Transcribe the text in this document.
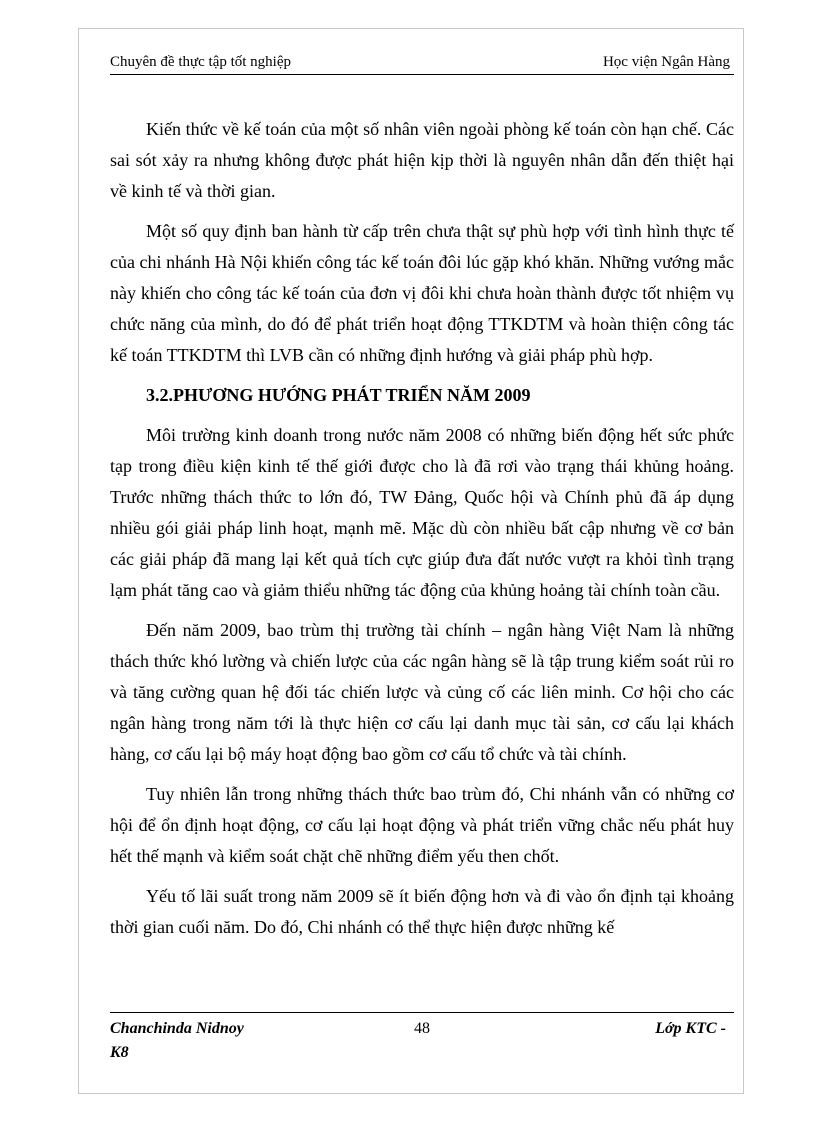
Chuyên đề thực tập tốt nghiệp	Học viện Ngân Hàng

Kiến thức về kế toán của một số nhân viên ngoài phòng kế toán còn hạn chế. Các sai sót xảy ra nhưng không được phát hiện kịp thời là nguyên nhân dẫn đến thiệt hại về kinh tế và thời gian.

Một số quy định ban hành từ cấp trên chưa thật sự phù hợp với tình hình thực tế của chi nhánh Hà Nội khiến công tác kế toán đôi lúc gặp khó khăn. Những vướng mắc này khiến cho công tác kế toán của đơn vị đôi khi chưa hoàn thành được tốt nhiệm vụ chức năng của mình, do đó để phát triển hoạt động TTKDTM và hoàn thiện công tác kế toán TTKDTM thì LVB cần có những định hướng và giải pháp phù hợp.

3.2.PHƯƠNG HƯỚNG PHÁT TRIỂN NĂM 2009

Môi trường kinh doanh trong nước năm 2008 có những biến động hết sức phức tạp trong điều kiện kinh tế thế giới được cho là đã rơi vào trạng thái khủng hoảng. Trước những thách thức to lớn đó, TW Đảng, Quốc hội và Chính phủ đã áp dụng nhiều gói giải pháp linh hoạt, mạnh mẽ. Mặc dù còn nhiều bất cập nhưng về cơ bản các giải pháp đã mang lại kết quả tích cực giúp đưa đất nước vượt ra khỏi tình trạng lạm phát tăng cao và giảm thiểu những tác động của khủng hoảng tài chính toàn cầu.

Đến năm 2009, bao trùm thị trường tài chính – ngân hàng Việt Nam là những thách thức khó lường và chiến lược của các ngân hàng sẽ là tập trung kiểm soát rủi ro và tăng cường quan hệ đối tác chiến lược và củng cố các liên minh. Cơ hội cho các ngân hàng trong năm tới là thực hiện cơ cấu lại danh mục tài sản, cơ cấu lại khách hàng, cơ cấu lại bộ máy hoạt động bao gồm cơ cấu tổ chức và tài chính.

Tuy nhiên lẫn trong những thách thức bao trùm đó, Chi nhánh vẫn có những cơ hội để ổn định hoạt động, cơ cấu lại hoạt động và phát triển vững chắc nếu phát huy hết thế mạnh và kiểm soát chặt chẽ những điểm yếu then chốt.

Yếu tố lãi suất trong năm 2009 sẽ ít biến động hơn và đi vào ổn định tại khoảng thời gian cuối năm. Do đó, Chi nhánh có thể thực hiện được những kế

Chanchinda Nidnoy	48	Lớp KTC -
K8
